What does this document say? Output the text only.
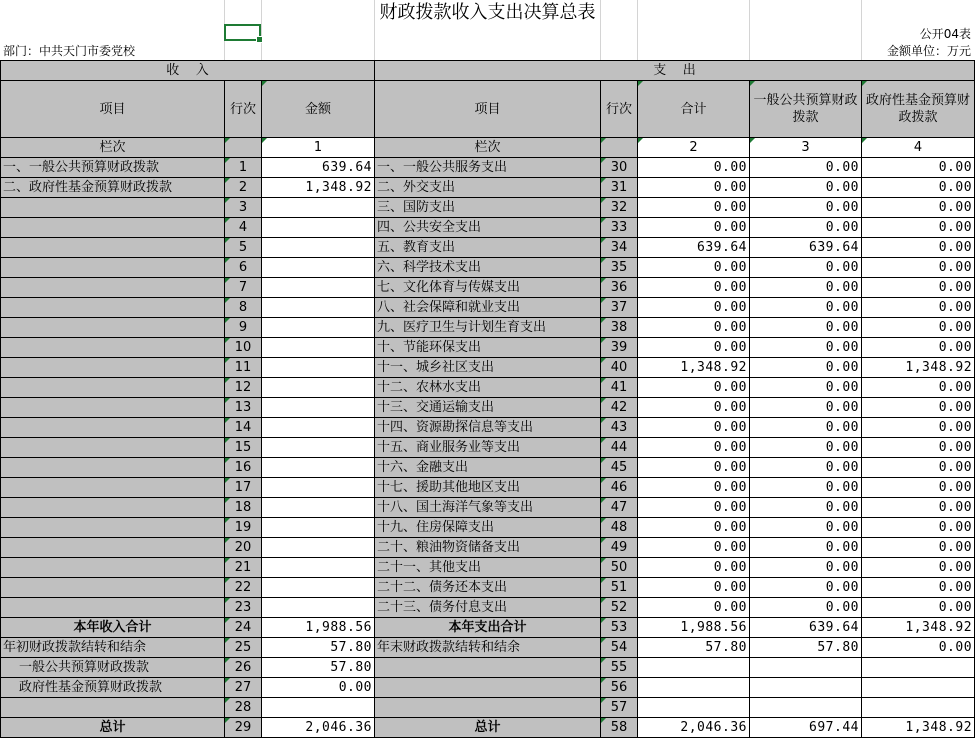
财政拨款收入支出决算总表
公开04表
部门：中共天门市委党校	金额单位：万元
收    入			支    出				
项目	行次	金额	项目	行次	合计	一般公共预算财政拨款	政府性基金预算财政拨款
栏次		1	栏次		2	3	4
一、一般公共预算财政拨款	1	639.64	一、一般公共服务支出	30	0.00	0.00	0.00
二、政府性基金预算财政拨款	2	1,348.92	二、外交支出	31	0.00	0.00	0.00
	3		三、国防支出	32	0.00	0.00	0.00
	4		四、公共安全支出	33	0.00	0.00	0.00
	5		五、教育支出	34	639.64	639.64	0.00
	6		六、科学技术支出	35	0.00	0.00	0.00
	7		七、文化体育与传媒支出	36	0.00	0.00	0.00
	8		八、社会保障和就业支出	37	0.00	0.00	0.00
	9		九、医疗卫生与计划生育支出	38	0.00	0.00	0.00
	10		十、节能环保支出	39	0.00	0.00	0.00
	11		十一、城乡社区支出	40	1,348.92	0.00	1,348.92
	12		十二、农林水支出	41	0.00	0.00	0.00
	13		十三、交通运输支出	42	0.00	0.00	0.00
	14		十四、资源勘探信息等支出	43	0.00	0.00	0.00
	15		十五、商业服务业等支出	44	0.00	0.00	0.00
	16		十六、金融支出	45	0.00	0.00	0.00
	17		十七、援助其他地区支出	46	0.00	0.00	0.00
	18		十八、国土海洋气象等支出	47	0.00	0.00	0.00
	19		十九、住房保障支出	48	0.00	0.00	0.00
	20		二十、粮油物资储备支出	49	0.00	0.00	0.00
	21		二十一、其他支出	50	0.00	0.00	0.00
	22		二十二、债务还本支出	51	0.00	0.00	0.00
	23		二十三、债务付息支出	52	0.00	0.00	0.00
本年收入合计	24	1,988.56	本年支出合计	53	1,988.56	639.64	1,348.92
年初财政拨款结转和结余	25	57.80	年末财政拨款结转和结余	54	57.80	57.80	0.00
一般公共预算财政拨款	26	57.80		55			
政府性基金预算财政拨款	27	0.00		56			
	28			57			
总计	29	2,046.36	总计	58	2,046.36	697.44	1,348.92
